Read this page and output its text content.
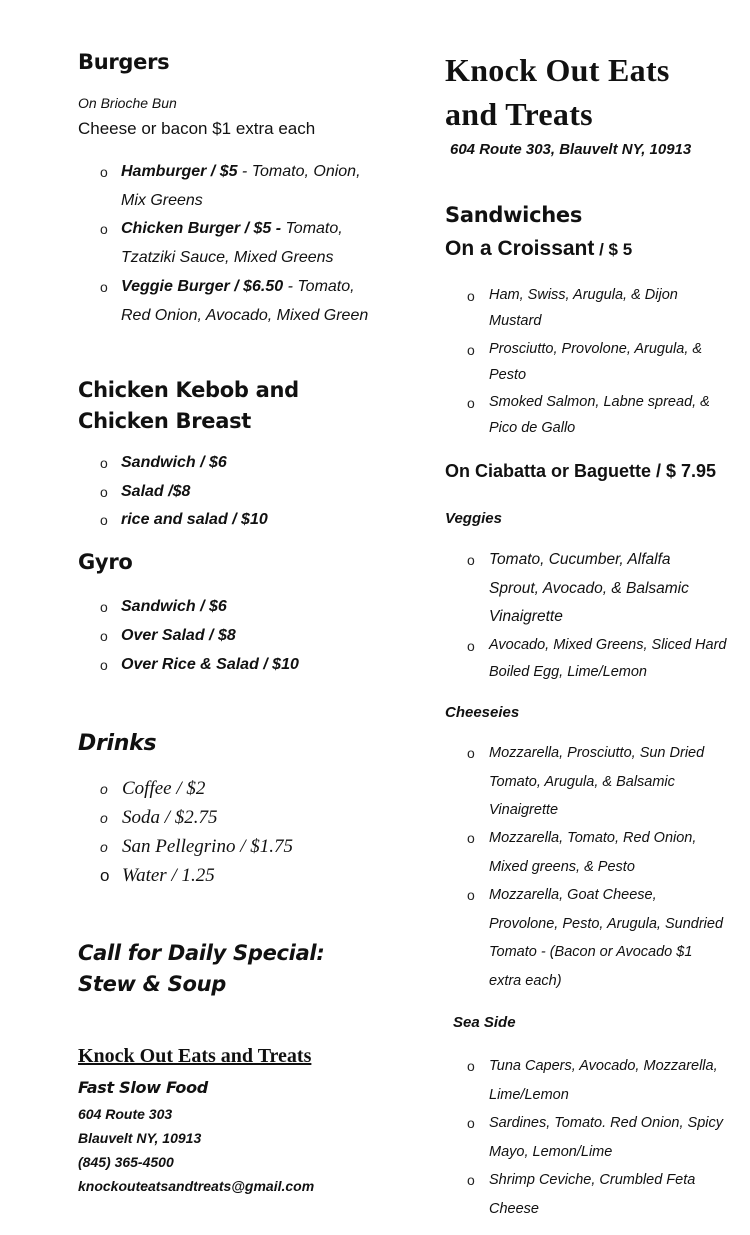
Burgers
On Brioche Bun
Cheese or bacon $1 extra each
o Hamburger / $5 - Tomato, Onion,
Mix Greens
o Chicken Burger / $5 - Tomato,
Tzatziki Sauce, Mixed Greens
o Veggie Burger / $6.50 - Tomato,
Red Onion, Avocado, Mixed Green
Chicken Kebob and
Chicken Breast
o Sandwich / $6
o Salad /$8
o rice and salad / $10
Gyro
o Sandwich / $6
o Over Salad / $8
o Over Rice & Salad / $10
Drinks
o Coffee / $2
o Soda / $2.75
o San Pellegrino / $1.75
o Water / 1.25
Call for Daily Special:
Stew & Soup
Knock Out Eats and Treats
Fast Slow Food
604 Route 303
Blauvelt NY, 10913
(845) 365-4500
knockouteatsandtreats@gmail.com
Knock Out Eats
and Treats
604 Route 303, Blauvelt NY, 10913
Sandwiches
On a Croissant / $ 5
o Ham, Swiss, Arugula, & Dijon
Mustard
o Prosciutto, Provolone, Arugula, &
Pesto
o Smoked Salmon, Labne spread, &
Pico de Gallo
On Ciabatta or Baguette / $ 7.95
Veggies
o Tomato, Cucumber, Alfalfa
Sprout, Avocado, & Balsamic
Vinaigrette
o Avocado, Mixed Greens, Sliced Hard
Boiled Egg, Lime/Lemon
Cheeseies
o Mozzarella, Prosciutto, Sun Dried
Tomato, Arugula, & Balsamic
Vinaigrette
o Mozzarella, Tomato, Red Onion,
Mixed greens, & Pesto
o Mozzarella, Goat Cheese,
Provolone, Pesto, Arugula, Sundried
Tomato - (Bacon or Avocado $1
extra each)
Sea Side
o Tuna Capers, Avocado, Mozzarella,
Lime/Lemon
o Sardines, Tomato. Red Onion, Spicy
Mayo, Lemon/Lime
o Shrimp Ceviche, Crumbled Feta
Cheese
